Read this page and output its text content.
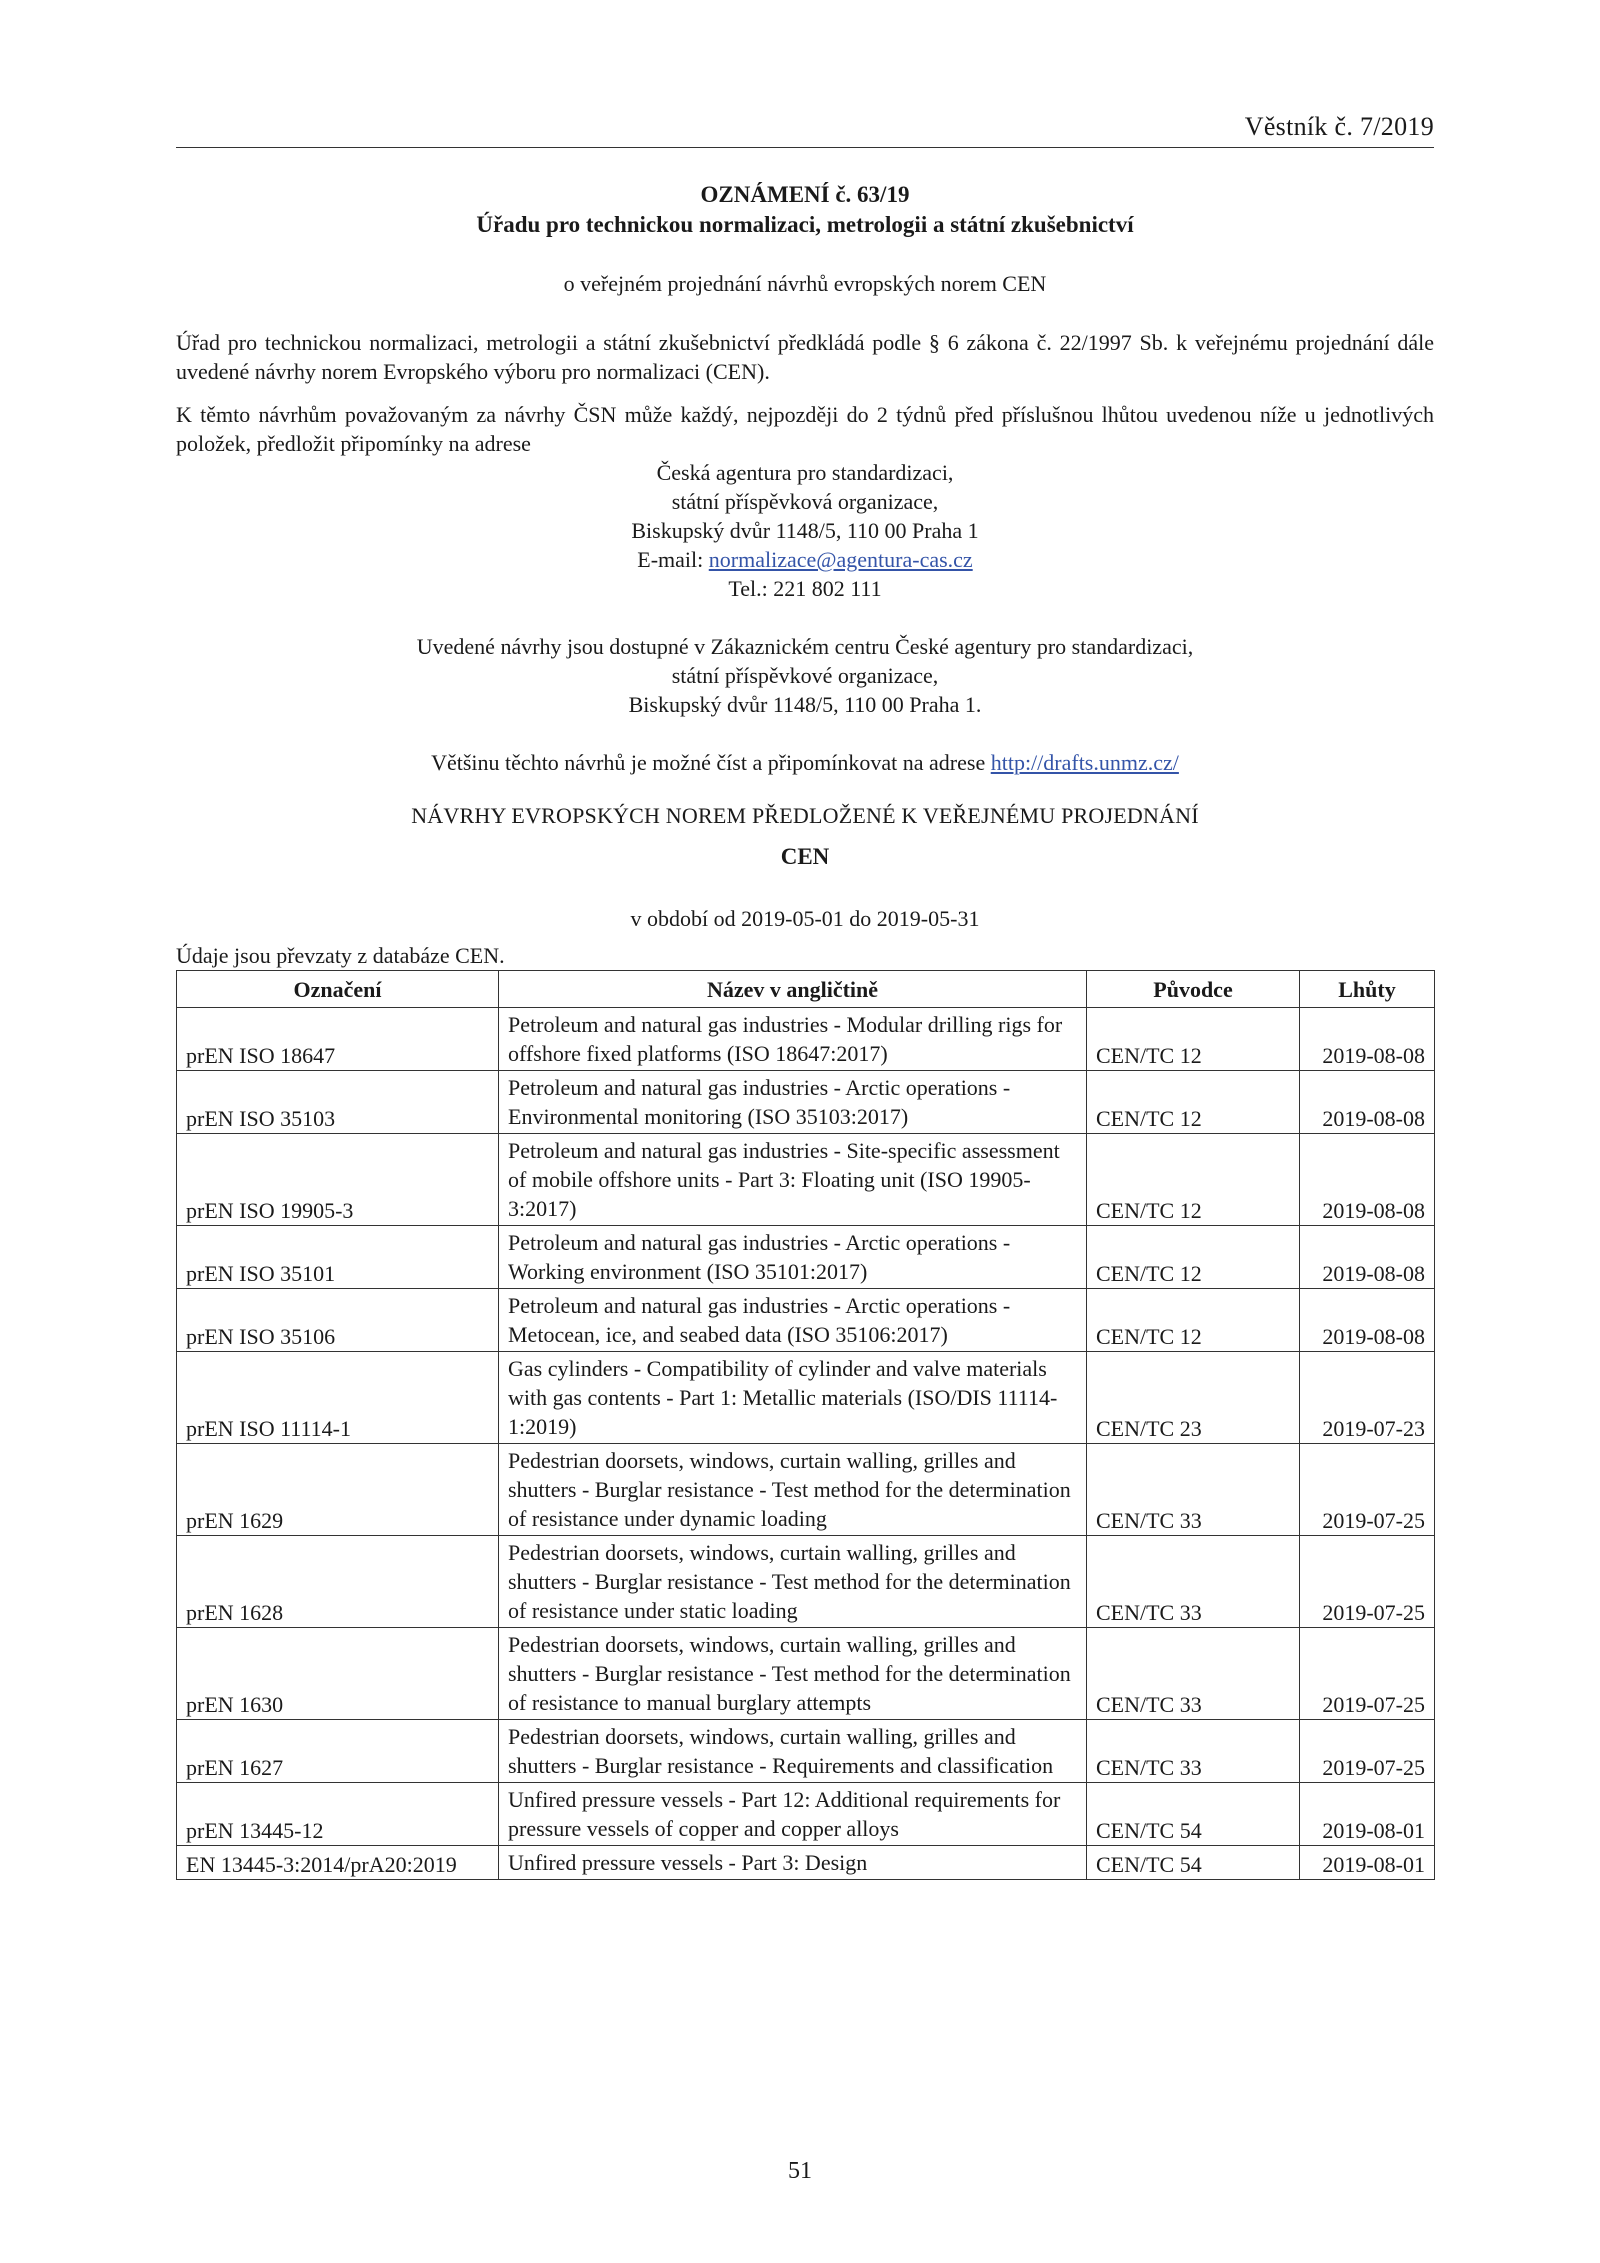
Věstník č. 7/2019
OZNÁMENÍ č. 63/19
Úřadu pro technickou normalizaci, metrologii a státní zkušebnictví
o veřejném projednání návrhů evropských norem CEN
Úřad pro technickou normalizaci, metrologii a státní zkušebnictví předkládá podle § 6 zákona č. 22/1997 Sb. k veřejnému projednání dále uvedené návrhy norem Evropského výboru pro normalizaci (CEN).
K těmto návrhům považovaným za návrhy ČSN může každý, nejpozději do 2 týdnů před příslušnou lhůtou uvedenou níže u jednotlivých položek, předložit připomínky na adrese
Česká agentura pro standardizaci,
státní příspěvková organizace,
Biskupský dvůr 1148/5, 110 00 Praha 1
E-mail: normalizace@agentura-cas.cz
Tel.: 221 802 111
Uvedené návrhy jsou dostupné v Zákaznickém centru České agentury pro standardizaci,
státní příspěvkové organizace,
Biskupský dvůr 1148/5, 110 00 Praha 1.
Většinu těchto návrhů je možné číst a připomínkovat na adrese http://drafts.unmz.cz/
NÁVRHY EVROPSKÝCH NOREM PŘEDLOŽENÉ K VEŘEJNÉMU PROJEDNÁNÍ
CEN
v období od 2019-05-01 do 2019-05-31
Údaje jsou převzaty z databáze CEN.
Označení	Název v angličtině	Původce	Lhůty
prEN ISO 18647	Petroleum and natural gas industries - Modular drilling rigs for offshore fixed platforms (ISO 18647:2017)	CEN/TC 12	2019-08-08
prEN ISO 35103	Petroleum and natural gas industries - Arctic operations - Environmental monitoring (ISO 35103:2017)	CEN/TC 12	2019-08-08
prEN ISO 19905-3	Petroleum and natural gas industries - Site-specific assessment of mobile offshore units - Part 3: Floating unit (ISO 19905-3:2017)	CEN/TC 12	2019-08-08
prEN ISO 35101	Petroleum and natural gas industries - Arctic operations - Working environment (ISO 35101:2017)	CEN/TC 12	2019-08-08
prEN ISO 35106	Petroleum and natural gas industries - Arctic operations - Metocean, ice, and seabed data (ISO 35106:2017)	CEN/TC 12	2019-08-08
prEN ISO 11114-1	Gas cylinders - Compatibility of cylinder and valve materials with gas contents - Part 1: Metallic materials (ISO/DIS 11114-1:2019)	CEN/TC 23	2019-07-23
prEN 1629	Pedestrian doorsets, windows, curtain walling, grilles and shutters - Burglar resistance - Test method for the determination of resistance under dynamic loading	CEN/TC 33	2019-07-25
prEN 1628	Pedestrian doorsets, windows, curtain walling, grilles and shutters - Burglar resistance - Test method for the determination of resistance under static loading	CEN/TC 33	2019-07-25
prEN 1630	Pedestrian doorsets, windows, curtain walling, grilles and shutters - Burglar resistance - Test method for the determination of resistance to manual burglary attempts	CEN/TC 33	2019-07-25
prEN 1627	Pedestrian doorsets, windows, curtain walling, grilles and shutters - Burglar resistance - Requirements and classification	CEN/TC 33	2019-07-25
prEN 13445-12	Unfired pressure vessels - Part 12: Additional requirements for pressure vessels of copper and copper alloys	CEN/TC 54	2019-08-01
EN 13445-3:2014/prA20:2019	Unfired pressure vessels - Part 3: Design	CEN/TC 54	2019-08-01
51
